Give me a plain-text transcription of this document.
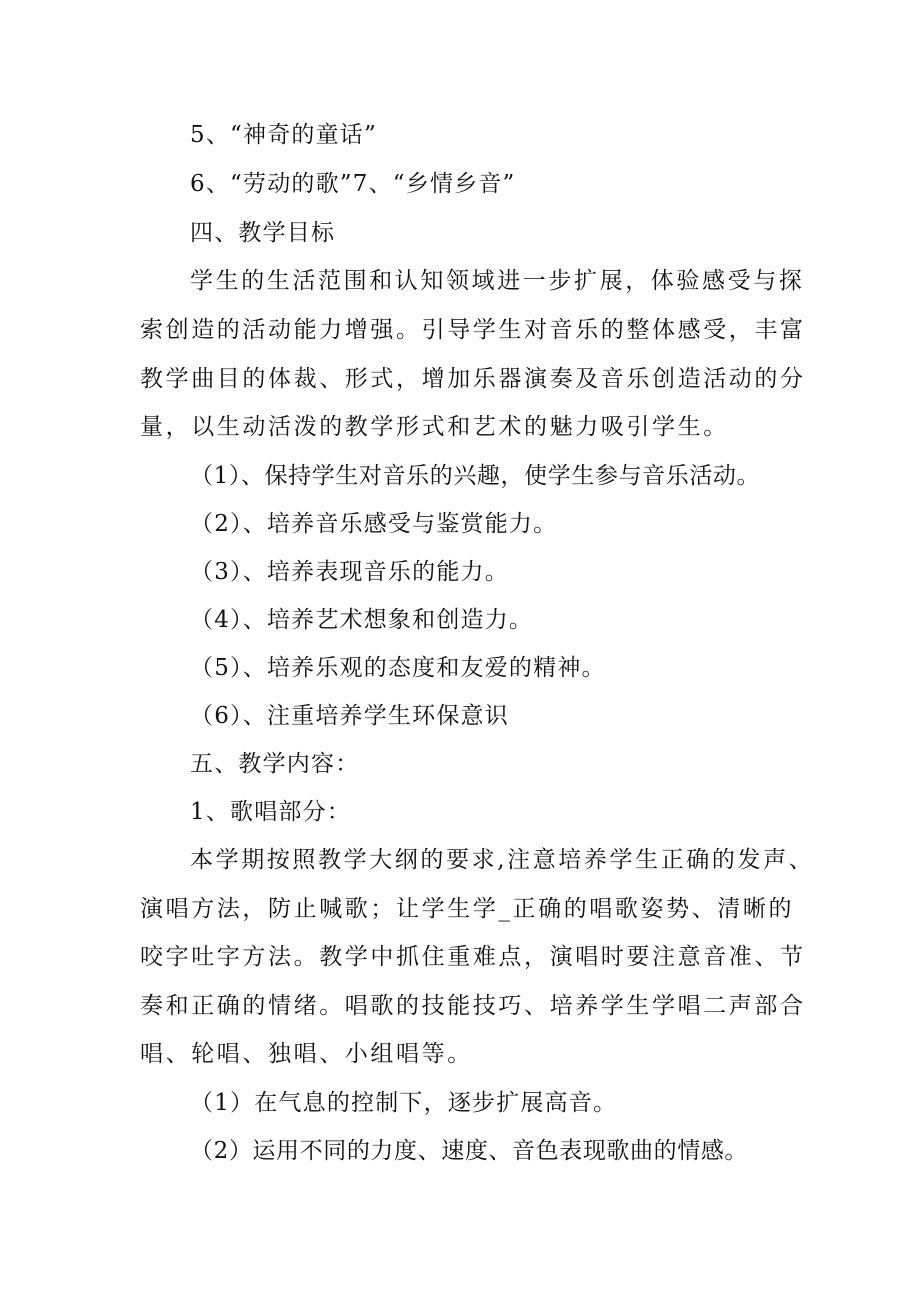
5、“神奇的童话”
6、“劳动的歌”7、“乡情乡音”
四、教学目标
学生的生活范围和认知领域进一步扩展，体验感受与探
索创造的活动能力增强。引导学生对音乐的整体感受，丰富
教学曲目的体裁、形式，增加乐器演奏及音乐创造活动的分
量，以生动活泼的教学形式和艺术的魅力吸引学生。
（1）、保持学生对音乐的兴趣，使学生参与音乐活动。
（2）、培养音乐感受与鉴赏能力。
（3）、培养表现音乐的能力。
（4）、培养艺术想象和创造力。
（5）、培养乐观的态度和友爱的精神。
（6）、注重培养学生环保意识
五、教学内容：
1、歌唱部分：
本学期按照教学大纲的要求,注意培养学生正确的发声、
演唱方法，防止喊歌；让学生学_正确的唱歌姿势、清晰的
咬字吐字方法。教学中抓住重难点，演唱时要注意音准、节
奏和正确的情绪。唱歌的技能技巧、培养学生学唱二声部合
唱、轮唱、独唱、小组唱等。
（1）在气息的控制下，逐步扩展高音。
（2）运用不同的力度、速度、音色表现歌曲的情感。
